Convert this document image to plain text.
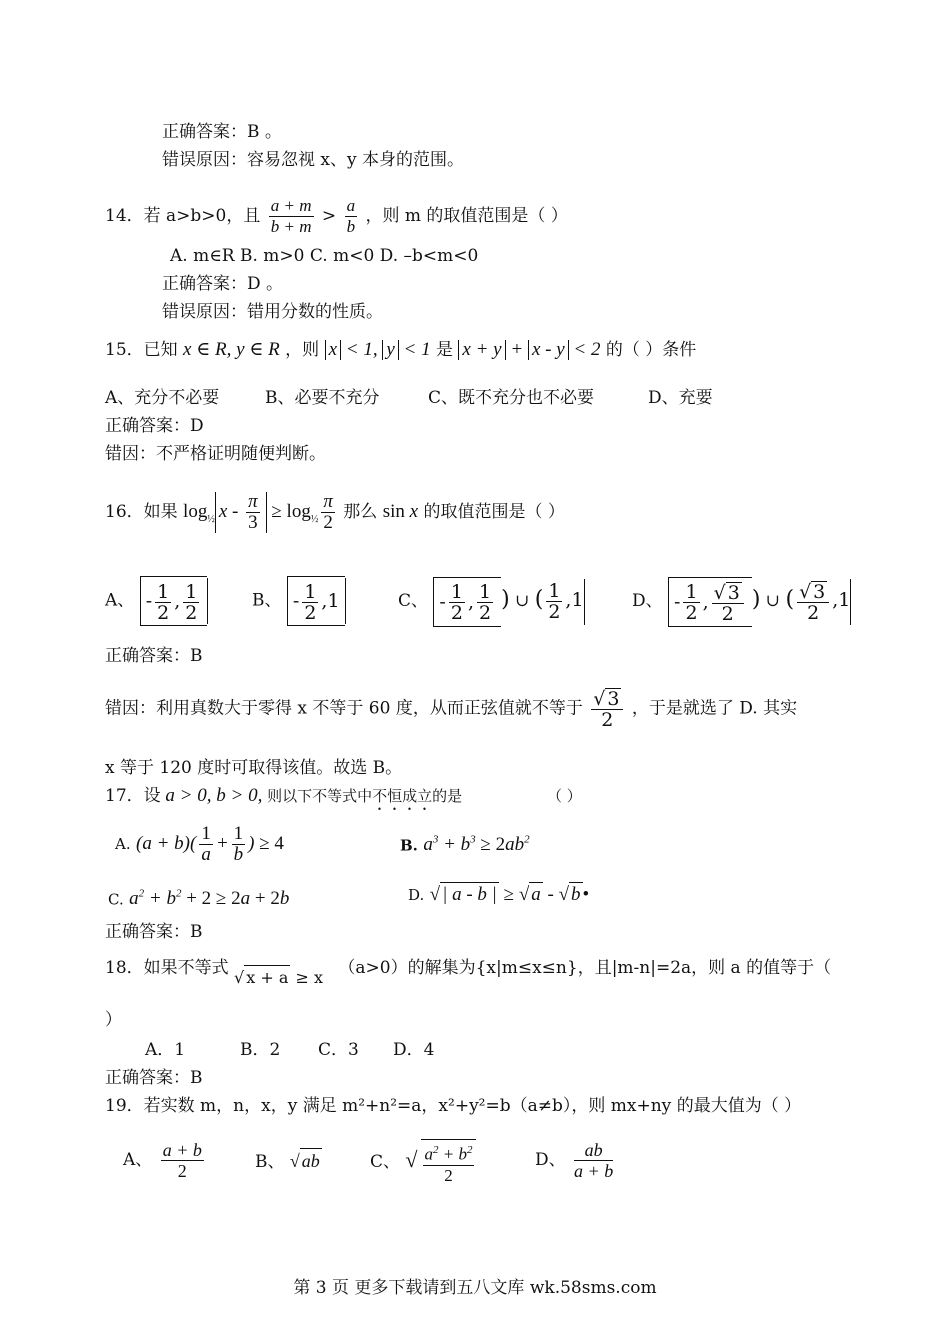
正确答案：B 。
错误原因：容易忽视 x、y 本身的范围。
14．若 a>b>0，且 $\frac{a + m}{b + m} > \frac{a}{b}$ ，则 m 的取值范围是（ ）
A. m∈R B. m>0 C. m<0 D. –b<m<0
正确答案：D 。
错误原因：错用分数的性质。
15．已知 x ∈ R, y ∈ R ，则 x < 1, y < 1 是 x + y + x - y < 2 的（ ）条件
A、充分不必要	B、必要不充分	C、既不充分也不必要	D、充要
正确答案：D
错因：不严格证明随便判断。
16．如果 $\log_{\frac{1}{2}} x - \frac{\pi}{3} \ge \log_{\frac{1}{2}} \frac{\pi}{2}$ 那么 sin x 的取值范围是（ ）
A、 - $\frac{1}{2}$ , $\frac{1}{2}$	B、 - $\frac{1}{2} ,1$	C、 - $\frac{1}{2}$ , $\frac{1}{2}$ ) ∪ ( $\frac{1}{2} ,1$	D、 - $\frac{1}{2}$ , $\frac{√ 3}{2}$ ) ∪ ( $\frac{√ 3}{2} ,1$
正确答案：B
错因：利用真数大于零得 x 不等于 60 度，从而正弦值就不等于 $\frac{√ 3}{2}$ ，于是就选了 D. 其实
x 等于 120 度时可取得该值。故选 B。
17．设 a > 0, b > 0, 则以下不等式中不恒成立的是	（ ）
A. $(a + b)( \frac{1}{a} + \frac{1}{b}$ ) ≥ 4	B. $a^3 + b^3 \ge 2ab^2$
C. $a^2 + b^2 + 2 \ge 2a + 2b$	D. √ | a - b | ≥ √ a - √ b •
正确答案：B
18．如果不等式 √ x + a ≥ x （a>0）的解集为{x|m≤x≤n}，且|m-n|=2a，则 a 的值等于（
）
A．1	B．2 C．3 D．4
正确答案：B
19．若实数 m，n，x，y 满足 m²+n²=a，x²+y²=b（a≠b），则 mx+ny 的最大值为（ ）
A、 $\frac{a + b}{2}$	B、 √ ab	C、 √ $\frac{a^2 + b^2}{2}$	D、 $\frac{ab}{a + b}$
第 3 页 更多下载请到五八文库 wk.58sms.com
